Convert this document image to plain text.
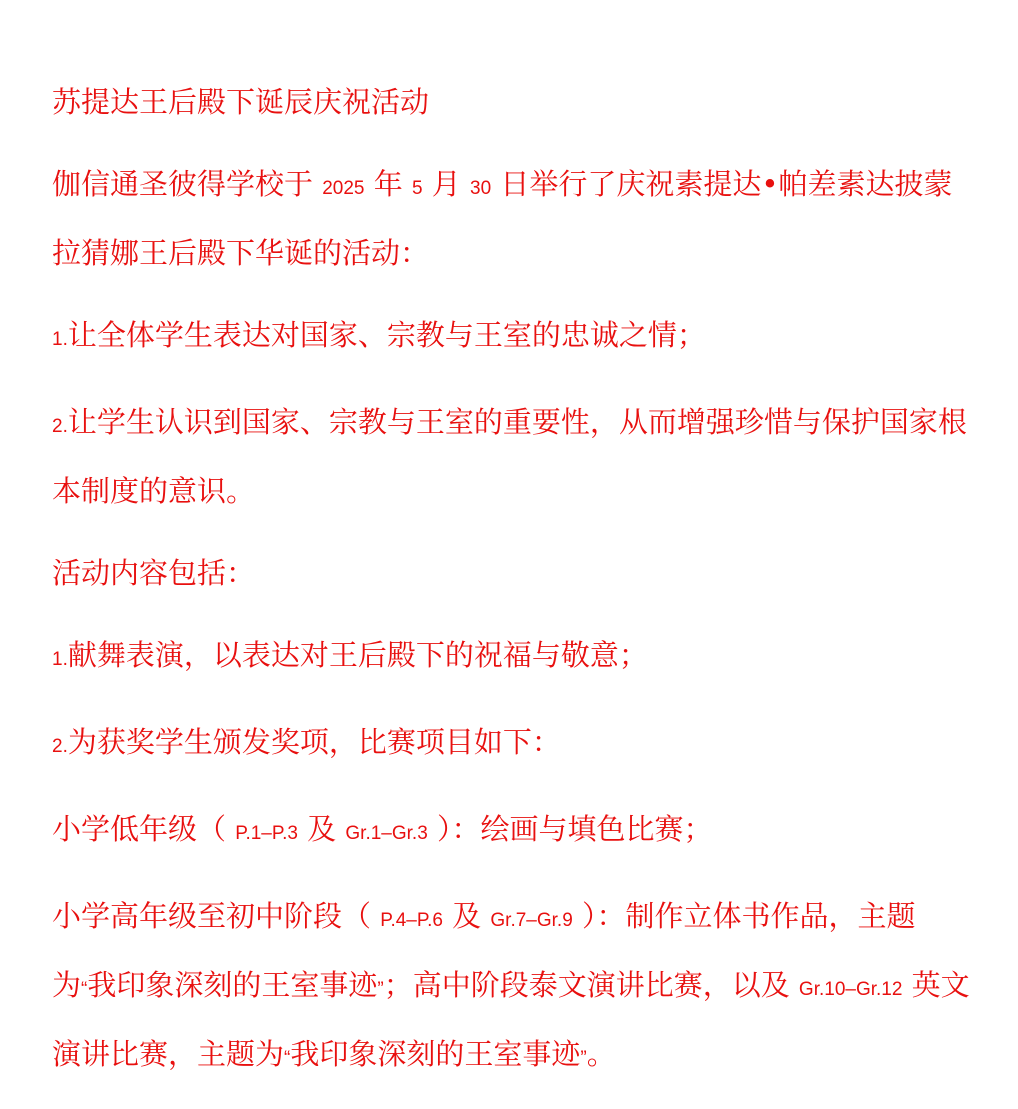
苏提达王后殿下诞辰庆祝活动

伽信通圣彼得学校于 2025 年 5 月 30 日举行了庆祝素提达•帕差素达披蒙拉猜娜王后殿下华诞的活动：

1.让全体学生表达对国家、宗教与王室的忠诚之情；

2.让学生认识到国家、宗教与王室的重要性，从而增强珍惜与保护国家根本制度的意识。

活动内容包括：

1.献舞表演，以表达对王后殿下的祝福与敬意；

2.为获奖学生颁发奖项，比赛项目如下：

小学低年级（ P.1–P.3 及 Gr.1–Gr.3 ）：绘画与填色比赛；

小学高年级至初中阶段（ P.4–P.6 及 Gr.7–Gr.9 ）：制作立体书作品，主题为“我印象深刻的王室事迹”；高中阶段泰文演讲比赛，以及 Gr.10–Gr.12 英文演讲比赛，主题为“我印象深刻的王室事迹”。
